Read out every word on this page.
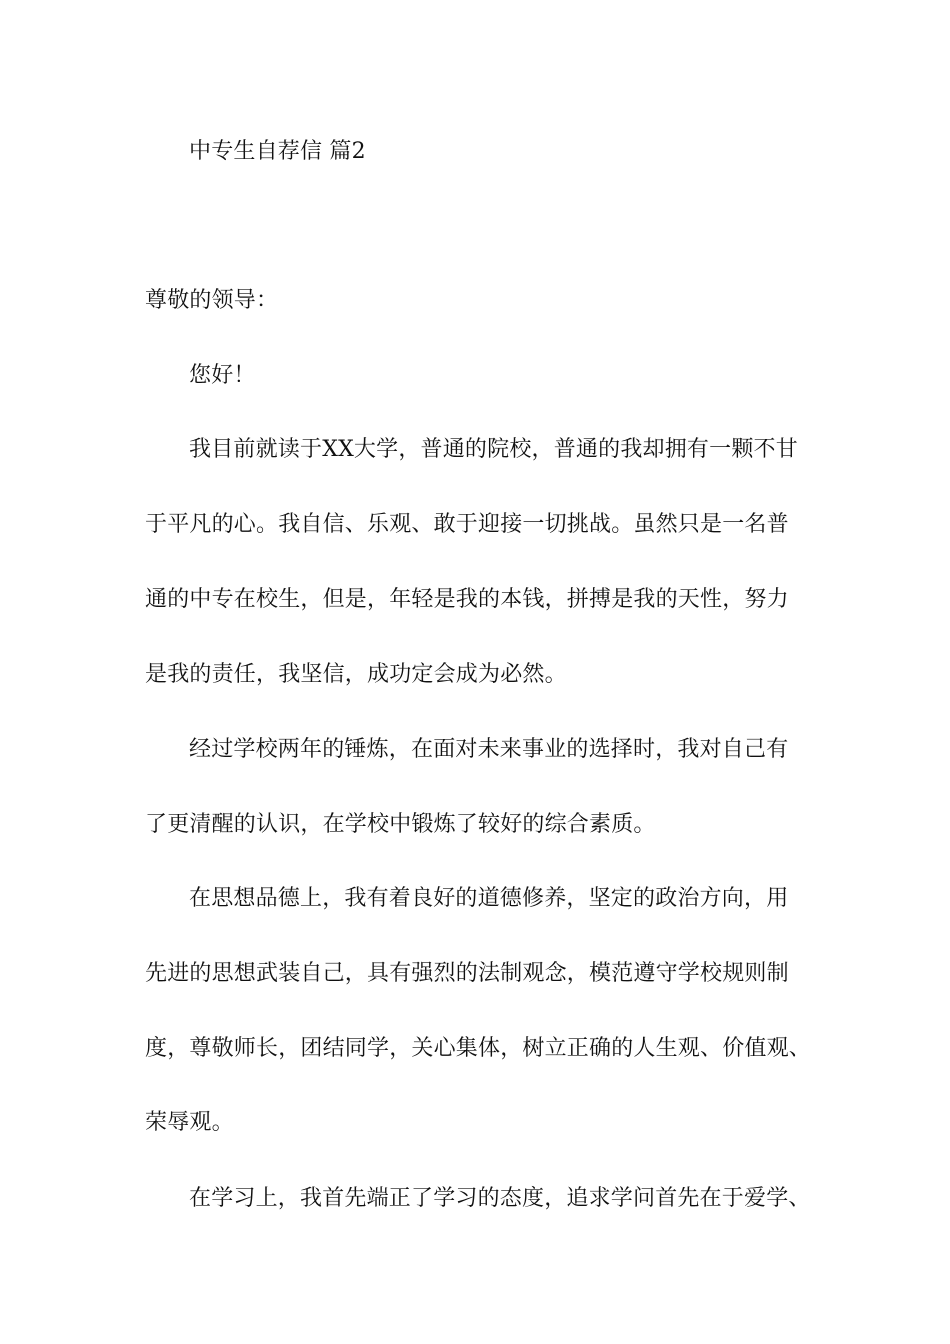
中专生自荐信 篇2
尊敬的领导：
您好！
我目前就读于XX大学，普通的院校，普通的我却拥有一颗不甘
于平凡的心。我自信、乐观、敢于迎接一切挑战。虽然只是一名普
通的中专在校生，但是，年轻是我的本钱，拼搏是我的天性，努力
是我的责任，我坚信，成功定会成为必然。
经过学校两年的锤炼，在面对未来事业的选择时，我对自己有
了更清醒的认识，在学校中锻炼了较好的综合素质。
在思想品德上，我有着良好的道德修养，坚定的政治方向，用
先进的思想武装自己，具有强烈的法制观念，模范遵守学校规则制
度，尊敬师长，团结同学，关心集体，树立正确的人生观、价值观、
荣辱观。
在学习上，我首先端正了学习的态度，追求学问首先在于爱学、
